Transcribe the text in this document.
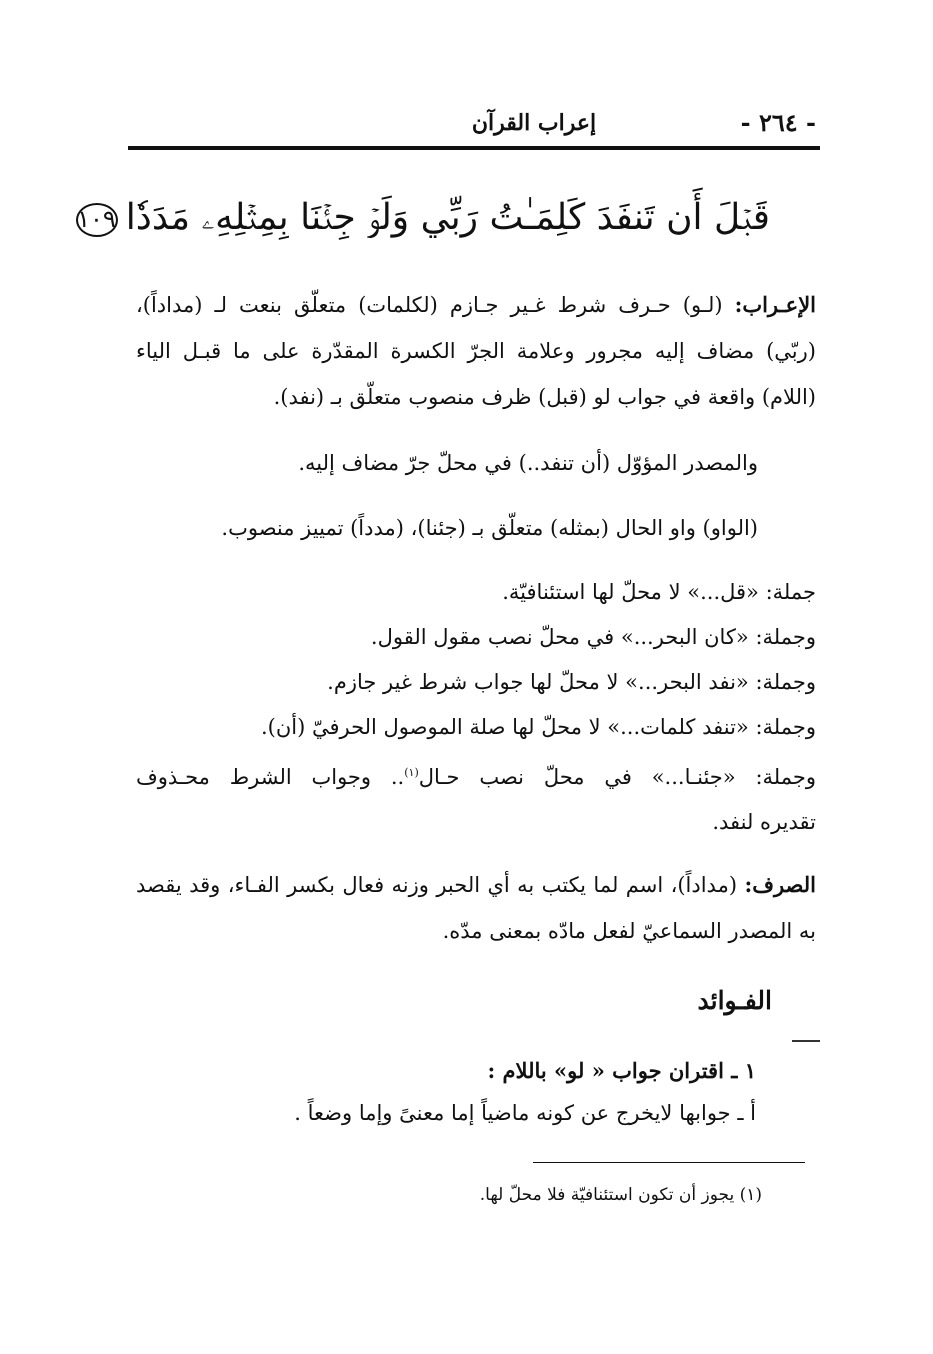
- ٢٦٤ -
إعراب القرآن
قَبۡلَ أَن تَنفَدَ كَلِمَـٰتُ رَبِّي وَلَوۡ جِئۡنَا بِمِثۡلِهِۦ مَدَدٗا١٠٩
الإعـراب: (لـو) حـرف شرط غـير جـازم (لكلمات) متعلّق بنعت لـ (مداداً)، (ربّي) مضاف إليه مجرور وعلامة الجرّ الكسرة المقدّرة على ما قبـل الياء (اللام) واقعة في جواب لو (قبل) ظرف منصوب متعلّق بـ (نفد).
والمصدر المؤوّل (أن تنفد..) في محلّ جرّ مضاف إليه.
(الواو) واو الحال (بمثله) متعلّق بـ (جئنا)، (مدداً) تمييز منصوب.
جملة: «قل...» لا محلّ لها استئنافيّة.
وجملة: «كان البحر...» في محلّ نصب مقول القول.
وجملة: «نفد البحر...» لا محلّ لها جواب شرط غير جازم.
وجملة: «تنفد كلمات...» لا محلّ لها صلة الموصول الحرفيّ (أن).
وجملة: «جئنـا...» في محلّ نصب حـال$^{(١)}$.. وجواب الشرط محـذوف
تقديره لنفد.
الصرف: (مداداً)، اسم لما يكتب به أي الحبر وزنه فعال بكسر الفـاء، وقد يقصد به المصدر السماعيّ لفعل مادّه بمعنى مدّه.
الفـوائد
١ ـ اقتران جواب « لو» باللام :
أ ـ جوابها لايخرج عن كونه ماضياً إما معنىً وإما وضعاً .
(١) يجوز أن تكون استئنافيّة فلا محلّ لها.
